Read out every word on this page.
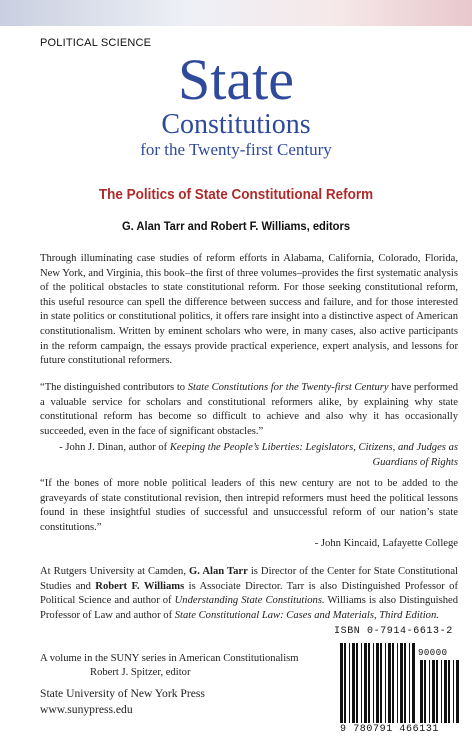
POLITICAL SCIENCE
State
Constitutions
for the Twenty-first Century
The Politics of State Constitutional Reform
G. Alan Tarr and Robert F. Williams, editors

Through illuminating case studies of reform efforts in Alabama, California, Colorado, Florida, New York, and Virginia, this book–the first of three volumes–provides the first systematic analysis of the political obstacles to state constitutional reform. For those seeking constitutional reform, this useful resource can spell the difference between success and failure, and for those interested in state politics or constitutional politics, it offers rare insight into a distinctive aspect of American constitutionalism. Written by eminent scholars who were, in many cases, also active participants in the reform campaign, the essays provide practical experience, expert analysis, and lessons for future constitutional reformers.

“The distinguished contributors to State Constitutions for the Twenty-first Century have performed a valuable service for scholars and constitutional reformers alike, by explaining why state constitutional reform has become so difficult to achieve and also why it has occasionally succeeded, even in the face of significant obstacles.”

- John J. Dinan, author of Keeping the People’s Liberties: Legislators, Citizens, and Judges as Guardians of Rights

“If the bones of more noble political leaders of this new century are not to be added to the graveyards of state constitutional revision, then intrepid reformers must heed the political lessons found in these insightful studies of successful and unsuccessful reform of our nation’s state constitutions.”

- John Kincaid, Lafayette College

At Rutgers University at Camden, G. Alan Tarr is Director of the Center for State Constitutional Studies and Robert F. Williams is Associate Director. Tarr is also Distinguished Professor of Political Science and author of Understanding State Constitutions. Williams is also Distinguished Professor of Law and author of State Constitutional Law: Cases and Materials, Third Edition.

A volume in the SUNY series in American Constitutionalism
Robert J. Spitzer, editor
State University of New York Press
www.sunypress.edu
ISBN 0-7914-6613-2
90000
9 780791 466131
